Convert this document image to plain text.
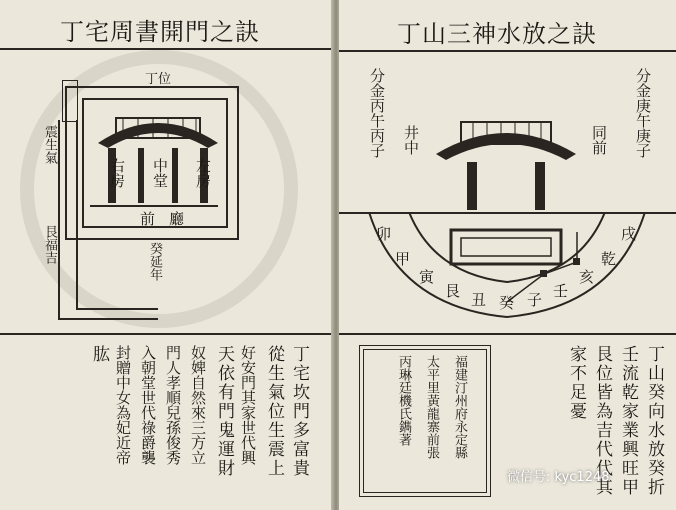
丁宅周書開門之訣
中堂
右房	左房
前廳
癸延年
丁位
震生氣
艮福吉
丁宅坎門多富貴
從生氣位生震上
好安門其家世代興
天依有門鬼運財
奴婢自然來三方立
門人孝順兒孫俊秀
入朝堂世代祿爵襲
封贈中女為妃近帝
肱
丁山三神水放之訣
分金丙午丙子 井中	同前 分金庚午庚子
卯
甲
寅
艮 丑 癸 子 壬
亥
乾
戌
丁山癸向水放癸折
壬流乾家業興旺甲
艮位皆為吉代代其
家不足憂
福建汀州府永定縣
太平里黃龍寨前張
丙琳廷機氏鐫著
微信号: kyc1248
